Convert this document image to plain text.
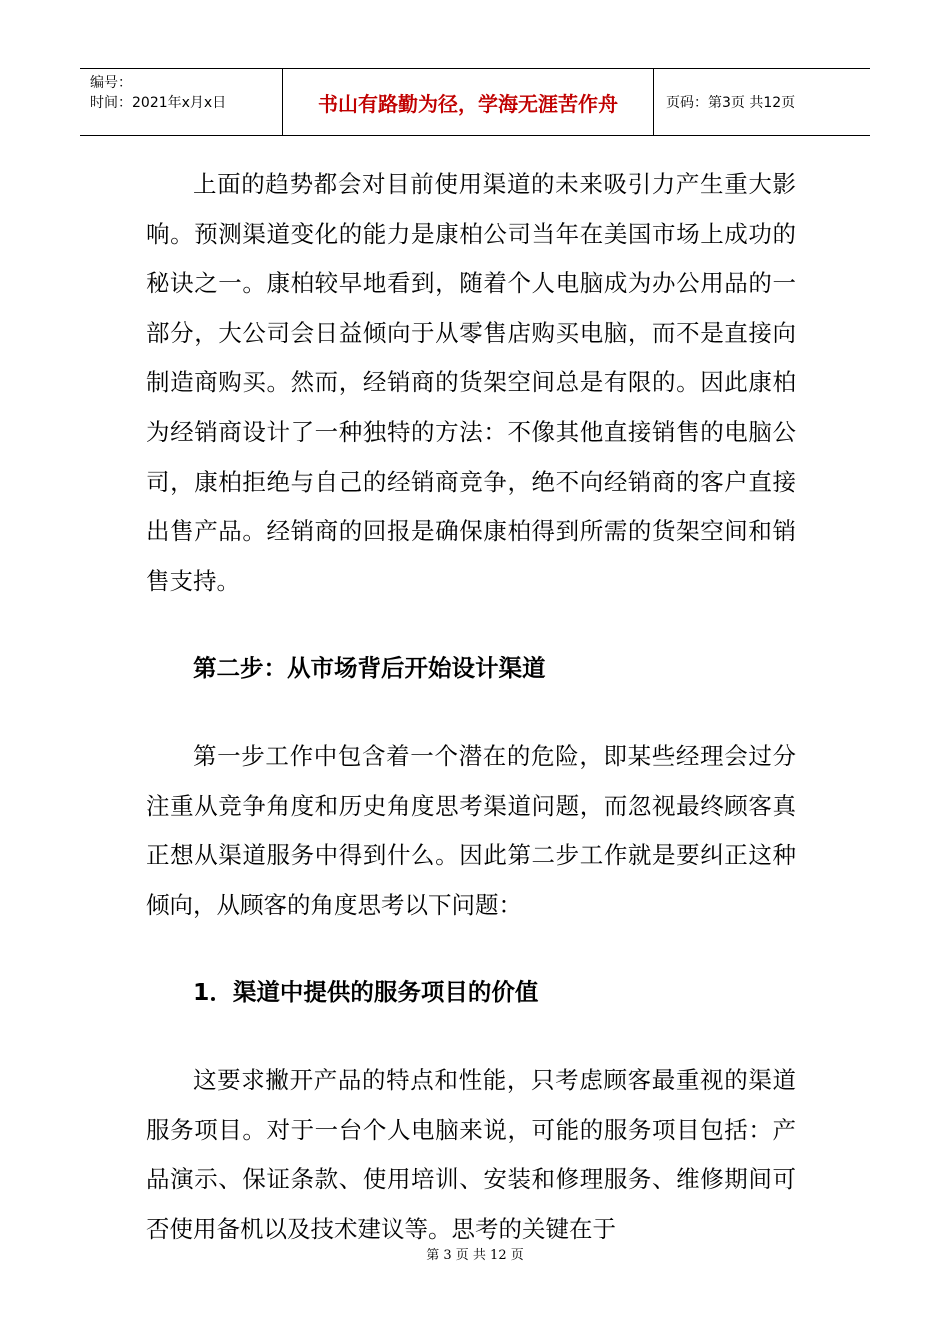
编号：
时间：2021年x月x日	书山有路勤为径，学海无涯苦作舟	页码：第3页 共12页

上面的趋势都会对目前使用渠道的未来吸引力产生重大影响。预测渠道变化的能力是康柏公司当年在美国市场上成功的秘诀之一。康柏较早地看到，随着个人电脑成为办公用品的一部分，大公司会日益倾向于从零售店购买电脑，而不是直接向制造商购买。然而，经销商的货架空间总是有限的。因此康柏为经销商设计了一种独特的方法：不像其他直接销售的电脑公司，康柏拒绝与自己的经销商竞争，绝不向经销商的客户直接出售产品。经销商的回报是确保康柏得到所需的货架空间和销售支持。

第二步：从市场背后开始设计渠道

第一步工作中包含着一个潜在的危险，即某些经理会过分注重从竞争角度和历史角度思考渠道问题，而忽视最终顾客真正想从渠道服务中得到什么。因此第二步工作就是要纠正这种倾向，从顾客的角度思考以下问题：

1．渠道中提供的服务项目的价值

这要求撇开产品的特点和性能，只考虑顾客最重视的渠道服务项目。对于一台个人电脑来说，可能的服务项目包括：产品演示、保证条款、使用培训、安装和修理服务、维修期间可否使用备机以及技术建议等。思考的关键在于

第 3 页 共 12 页
